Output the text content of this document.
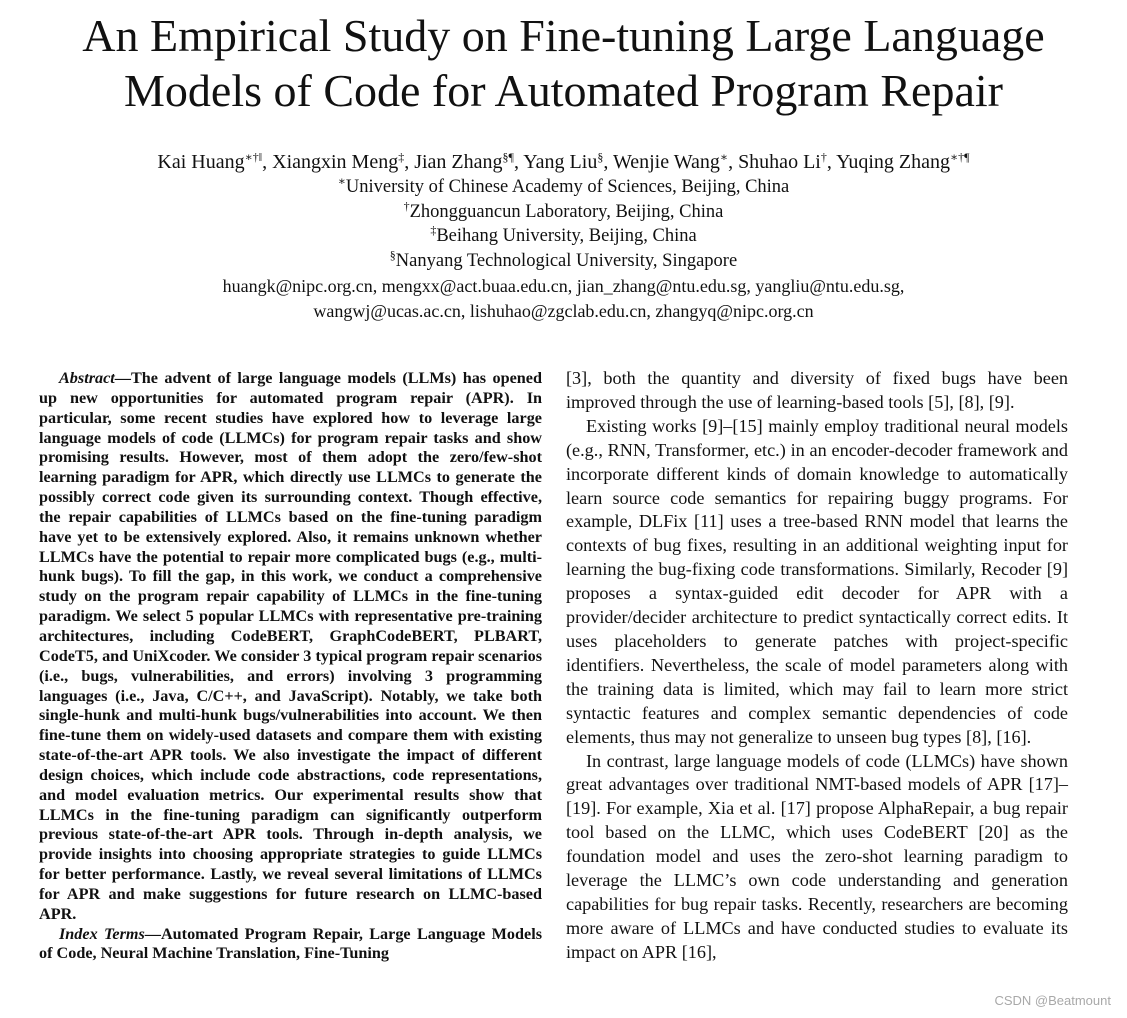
An Empirical Study on Fine-tuning Large Language
Models of Code for Automated Program Repair
Kai Huang∗†‖, Xiangxin Meng‡, Jian Zhang§¶, Yang Liu§, Wenjie Wang∗, Shuhao Li†, Yuqing Zhang∗†¶
∗University of Chinese Academy of Sciences, Beijing, China
†Zhongguancun Laboratory, Beijing, China
‡Beihang University, Beijing, China
§Nanyang Technological University, Singapore
huangk@nipc.org.cn, mengxx@act.buaa.edu.cn, jian_zhang@ntu.edu.sg, yangliu@ntu.edu.sg,
wangwj@ucas.ac.cn, lishuhao@zgclab.edu.cn, zhangyq@nipc.org.cn

Abstract—The advent of large language models (LLMs) has opened up new opportunities for automated program repair (APR). In particular, some recent studies have explored how to leverage large language models of code (LLMCs) for program repair tasks and show promising results. However, most of them adopt the zero/few-shot learning paradigm for APR, which directly use LLMCs to generate the possibly correct code given its surrounding context. Though effective, the repair capabilities of LLMCs based on the fine-tuning paradigm have yet to be extensively explored. Also, it remains unknown whether LLMCs have the potential to repair more complicated bugs (e.g., multi-hunk bugs). To fill the gap, in this work, we conduct a comprehensive study on the program repair capability of LLMCs in the fine-tuning paradigm. We select 5 popular LLMCs with representative pre-training architectures, including CodeBERT, GraphCodeBERT, PLBART, CodeT5, and UniXcoder. We consider 3 typical program repair scenarios (i.e., bugs, vulnerabilities, and errors) involving 3 programming languages (i.e., Java, C/C++, and JavaScript). Notably, we take both single-hunk and multi-hunk bugs/vulnerabilities into account. We then fine-tune them on widely-used datasets and compare them with existing state-of-the-art APR tools. We also investigate the impact of different design choices, which include code abstractions, code representations, and model evaluation metrics. Our experimental results show that LLMCs in the fine-tuning paradigm can significantly outperform previous state-of-the-art APR tools. Through in-depth analysis, we provide insights into choosing appropriate strategies to guide LLMCs for better performance. Lastly, we reveal several limitations of LLMCs for APR and make suggestions for future research on LLMC-based APR.

Index Terms—Automated Program Repair, Large Language Models of Code, Neural Machine Translation, Fine-Tuning

[3], both the quantity and diversity of fixed bugs have been improved through the use of learning-based tools [5], [8], [9].

Existing works [9]–[15] mainly employ traditional neural models (e.g., RNN, Transformer, etc.) in an encoder-decoder framework and incorporate different kinds of domain knowledge to automatically learn source code semantics for repairing buggy programs. For example, DLFix [11] uses a tree-based RNN model that learns the contexts of bug fixes, resulting in an additional weighting input for learning the bug-fixing code transformations. Similarly, Recoder [9] proposes a syntax-guided edit decoder for APR with a provider/decider architecture to predict syntactically correct edits. It uses placeholders to generate patches with project-specific identifiers. Nevertheless, the scale of model parameters along with the training data is limited, which may fail to learn more strict syntactic features and complex semantic dependencies of code elements, thus may not generalize to unseen bug types [8], [16].

In contrast, large language models of code (LLMCs) have shown great advantages over traditional NMT-based models of APR [17]–[19]. For example, Xia et al. [17] propose AlphaRepair, a bug repair tool based on the LLMC, which uses CodeBERT [20] as the foundation model and uses the zero-shot learning paradigm to leverage the LLMC’s own code understanding and generation capabilities for bug repair tasks. Recently, researchers are becoming more aware of LLMCs and have conducted studies to evaluate its impact on APR [16],

CSDN @Beatmount
